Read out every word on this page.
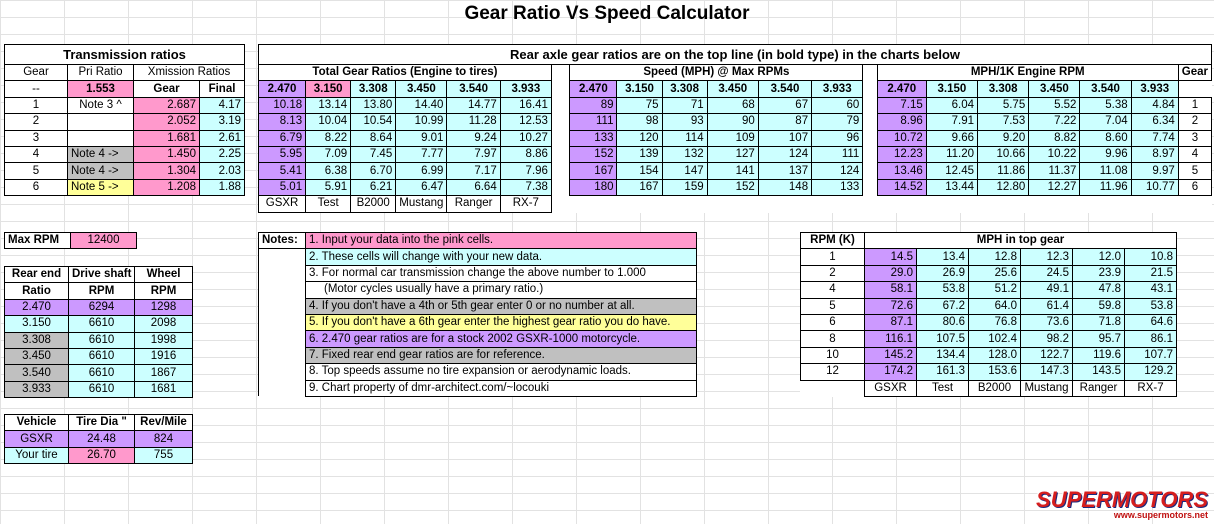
Gear Ratio Vs Speed Calculator
Transmission ratios			
Gear	Pri Ratio	Xmission Ratios	
--	1.553	Gear	Final
1	Note 3 ^	2.687	4.17
2		2.052	3.19
3		1.681	2.61
4	Note 4 ->	1.450	2.25
5	Note 4 ->	1.304	2.03
6	Note 5 ->	1.208	1.88
Rear axle gear ratios are on the top line (in bold type) in the charts below																				
Total Gear Ratios (Engine to tires)							Speed (MPH) @ Max RPMs							MPH/1K Engine RPM						Gear
2.470	3.150	3.308	3.450	3.540	3.933		2.470	3.150	3.308	3.450	3.540	3.933		2.470	3.150	3.308	3.450	3.540	3.933	
10.18	13.14	13.80	14.40	14.77	16.41		89	75	71	68	67	60		7.15	6.04	5.75	5.52	5.38	4.84	1
8.13	10.04	10.54	10.99	11.28	12.53		111	98	93	90	87	79		8.96	7.91	7.53	7.22	7.04	6.34	2
6.79	8.22	8.64	9.01	9.24	10.27		133	120	114	109	107	96		10.72	9.66	9.20	8.82	8.60	7.74	3
5.95	7.09	7.45	7.77	7.97	8.86		152	139	132	127	124	111		12.23	11.20	10.66	10.22	9.96	8.97	4
5.41	6.38	6.70	6.99	7.17	7.96		167	154	147	141	137	124		13.46	12.45	11.86	11.37	11.08	9.97	5
5.01	5.91	6.21	6.47	6.64	7.38		180	167	159	152	148	133		14.52	13.44	12.80	12.27	11.96	10.77	6
GSXR	Test	B2000	Mustang	Ranger	RX-7															
Max RPM	12400
Rear end	Drive shaft	Wheel
Ratio	RPM	RPM
2.470	6294	1298
3.150	6610	2098
3.308	6610	1998
3.450	6610	1916
3.540	6610	1867
3.933	6610	1681
Vehicle	Tire Dia "	Rev/Mile
GSXR	24.48	824
Your tire	26.70	755
Notes:	1. Input your data into the pink cells.
	2. These cells will change with your new data.
	3. For normal car transmission change the above number to 1.000
	(Motor cycles usually have a primary ratio.)
	4. If you don't have a 4th or 5th gear enter 0 or no number at all.
	5. If you don't have a 6th gear enter the highest gear ratio you do have.
	6. 2.470 gear ratios are for a stock 2002 GSXR-1000 motorcycle.
	7. Fixed rear end gear ratios are for reference.
	8. Top speeds assume no tire expansion or aerodynamic loads.
	9. Chart property of dmr-architect.com/~locouki
RPM (K)	MPH in top gear					
1	14.5	13.4	12.8	12.3	12.0	10.8
2	29.0	26.9	25.6	24.5	23.9	21.5
4	58.1	53.8	51.2	49.1	47.8	43.1
5	72.6	67.2	64.0	61.4	59.8	53.8
6	87.1	80.6	76.8	73.6	71.8	64.6
8	116.1	107.5	102.4	98.2	95.7	86.1
10	145.2	134.4	128.0	122.7	119.6	107.7
12	174.2	161.3	153.6	147.3	143.5	129.2
	GSXR	Test	B2000	Mustang	Ranger	RX-7
SUPERMOTORS
www.supermotors.net
